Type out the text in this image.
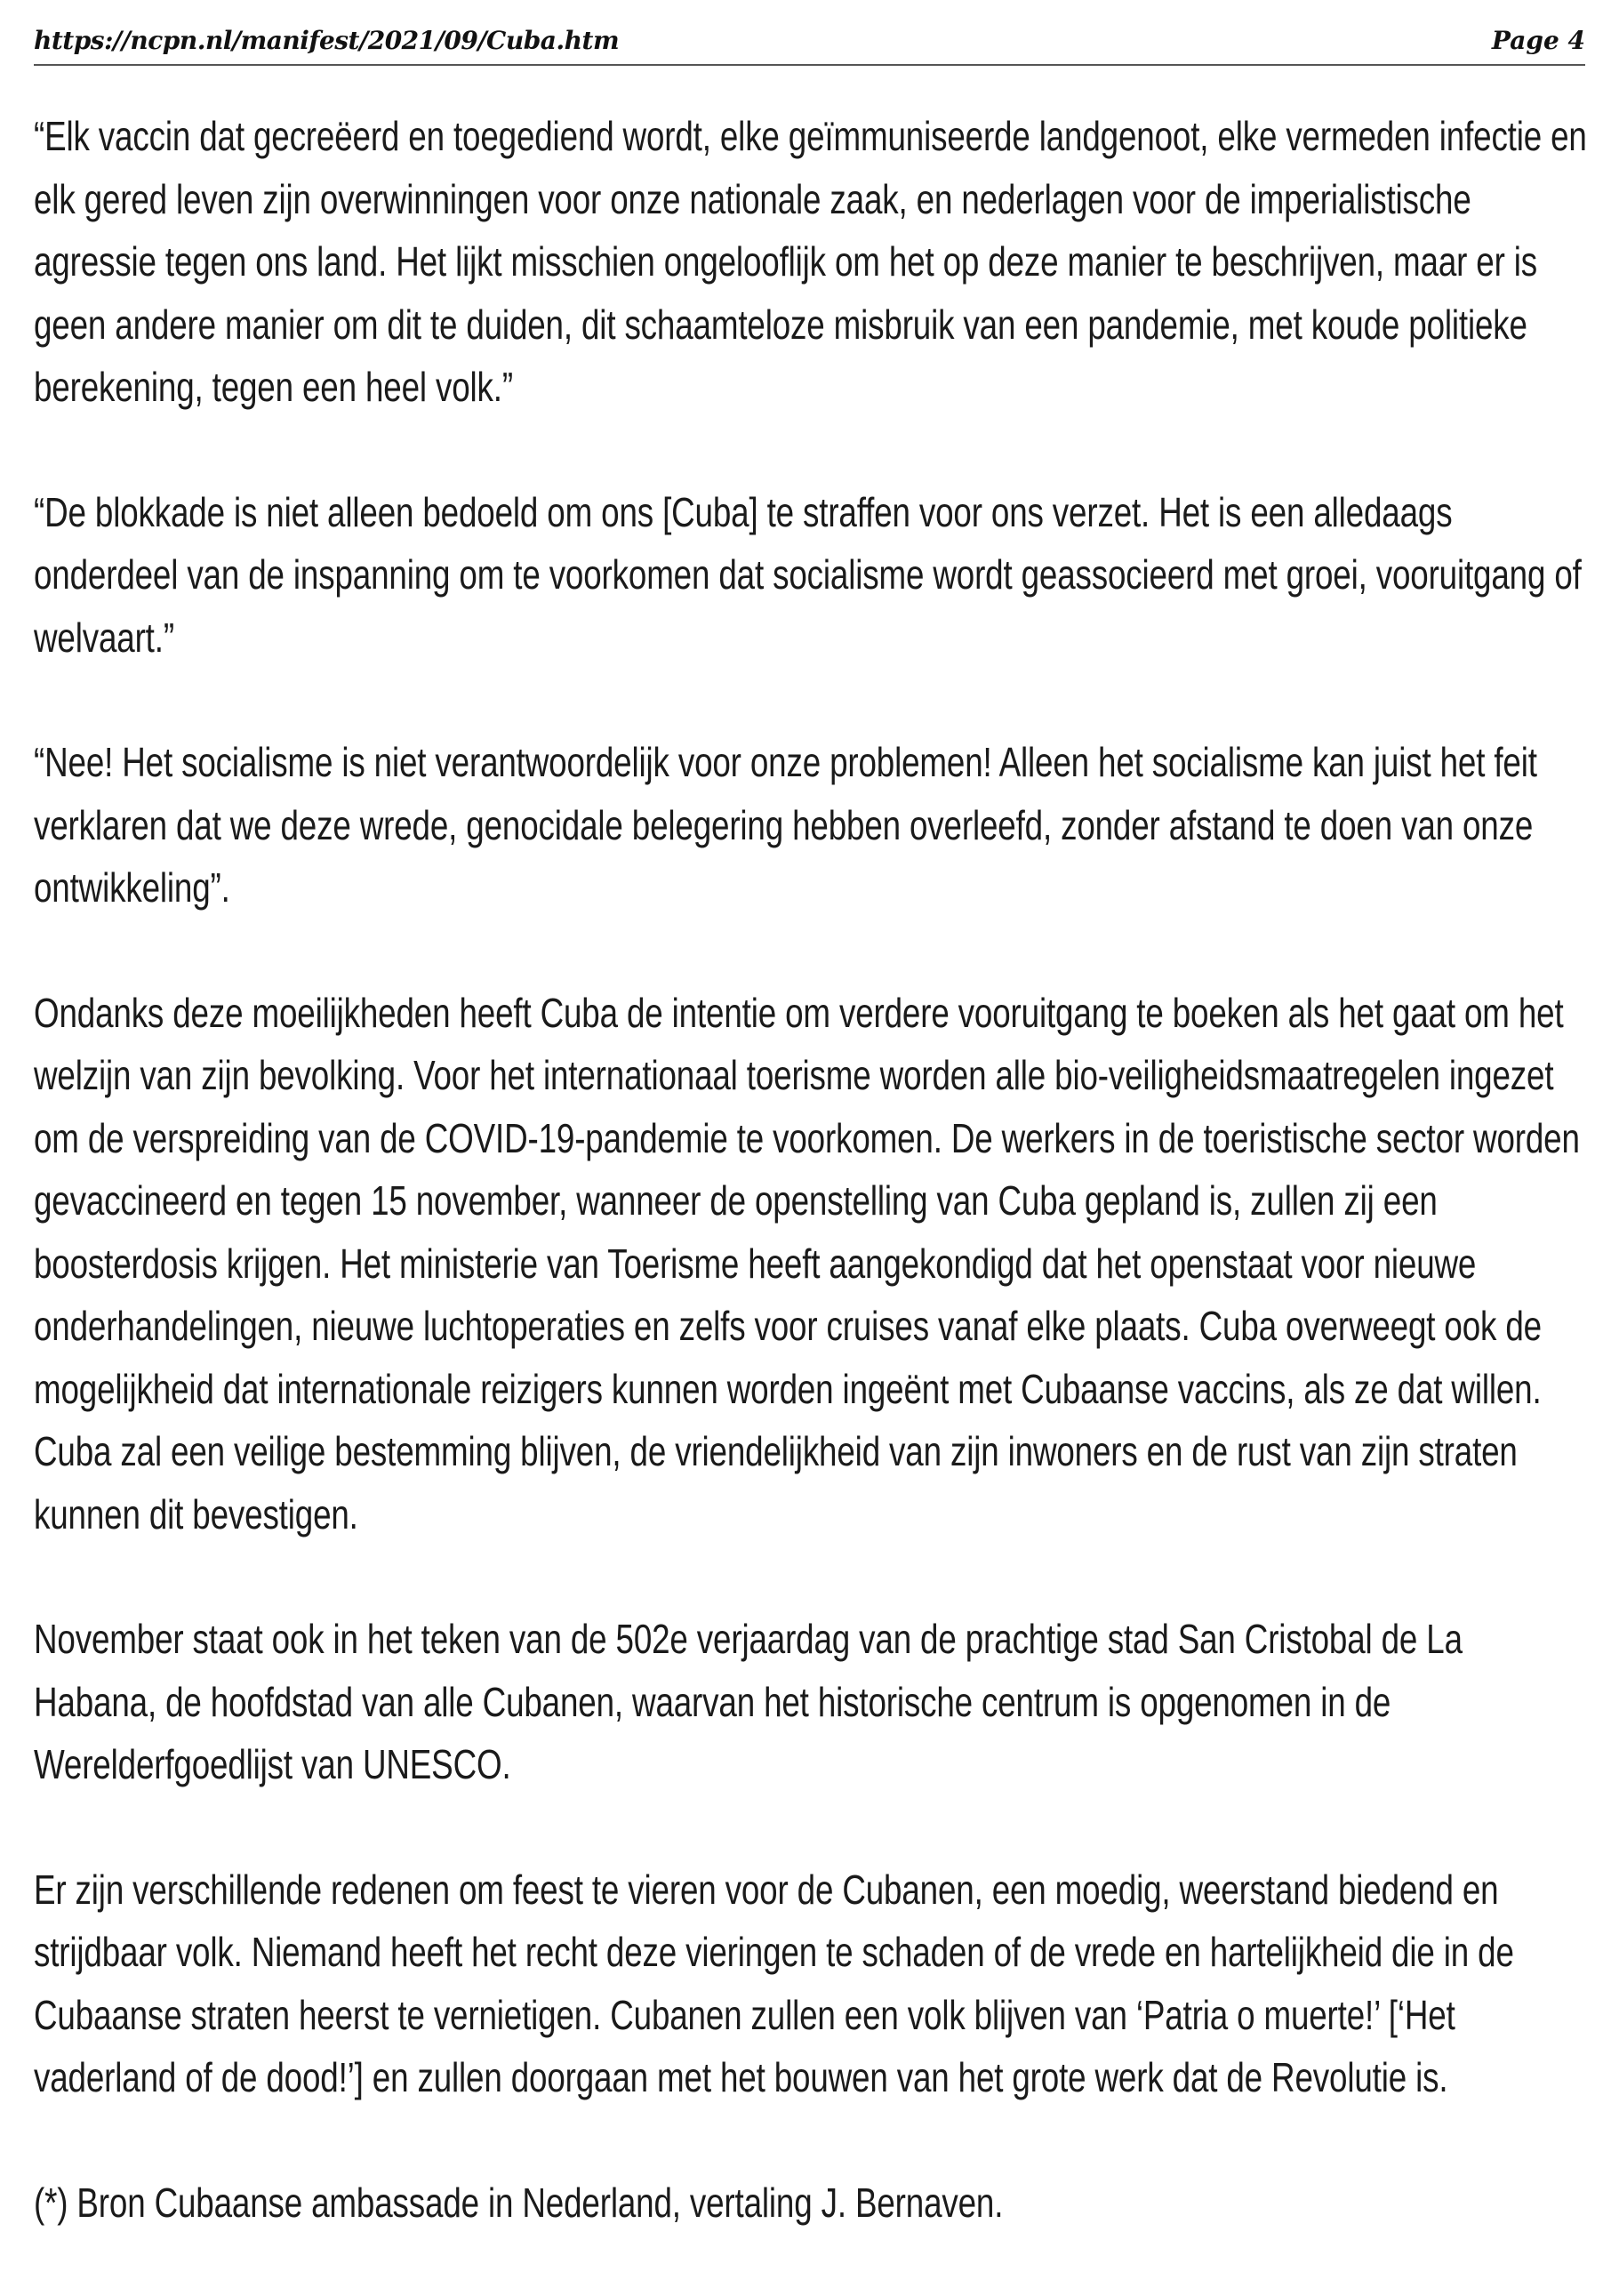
https://ncpn.nl/manifest/2021/09/Cuba.htm	Page 4

“Elk vaccin dat gecreëerd en toegediend wordt, elke geïmmuniseerde landgenoot, elke vermeden infectie en elk gered leven zijn overwinningen voor onze nationale zaak, en nederlagen voor de imperialistische agressie tegen ons land. Het lijkt misschien ongelooflijk om het op deze manier te beschrijven, maar er is geen andere manier om dit te duiden, dit schaamteloze misbruik van een pandemie, met koude politieke berekening, tegen een heel volk.”

“De blokkade is niet alleen bedoeld om ons [Cuba] te straffen voor ons verzet. Het is een alledaags onderdeel van de inspanning om te voorkomen dat socialisme wordt geassocieerd met groei, vooruitgang of welvaart.”

“Nee! Het socialisme is niet verantwoordelijk voor onze problemen! Alleen het socialisme kan juist het feit verklaren dat we deze wrede, genocidale belegering hebben overleefd, zonder afstand te doen van onze ontwikkeling”.

Ondanks deze moeilijkheden heeft Cuba de intentie om verdere vooruitgang te boeken als het gaat om het welzijn van zijn bevolking. Voor het internationaal toerisme worden alle bio-veiligheidsmaatregelen ingezet om de verspreiding van de COVID-19-pandemie te voorkomen. De werkers in de toeristische sector worden gevaccineerd en tegen 15 november, wanneer de openstelling van Cuba gepland is, zullen zij een boosterdosis krijgen. Het ministerie van Toerisme heeft aangekondigd dat het openstaat voor nieuwe onderhandelingen, nieuwe luchtoperaties en zelfs voor cruises vanaf elke plaats. Cuba overweegt ook de mogelijkheid dat internationale reizigers kunnen worden ingeënt met Cubaanse vaccins, als ze dat willen. Cuba zal een veilige bestemming blijven, de vriendelijkheid van zijn inwoners en de rust van zijn straten kunnen dit bevestigen.

November staat ook in het teken van de 502e verjaardag van de prachtige stad San Cristobal de La Habana, de hoofdstad van alle Cubanen, waarvan het historische centrum is opgenomen in de Werelderfgoedlijst van UNESCO.

Er zijn verschillende redenen om feest te vieren voor de Cubanen, een moedig, weerstand biedend en strijdbaar volk. Niemand heeft het recht deze vieringen te schaden of de vrede en hartelijkheid die in de Cubaanse straten heerst te vernietigen. Cubanen zullen een volk blijven van ‘Patria o muerte!’ [‘Het vaderland of de dood!’] en zullen doorgaan met het bouwen van het grote werk dat de Revolutie is.

(*) Bron Cubaanse ambassade in Nederland, vertaling J. Bernaven.
